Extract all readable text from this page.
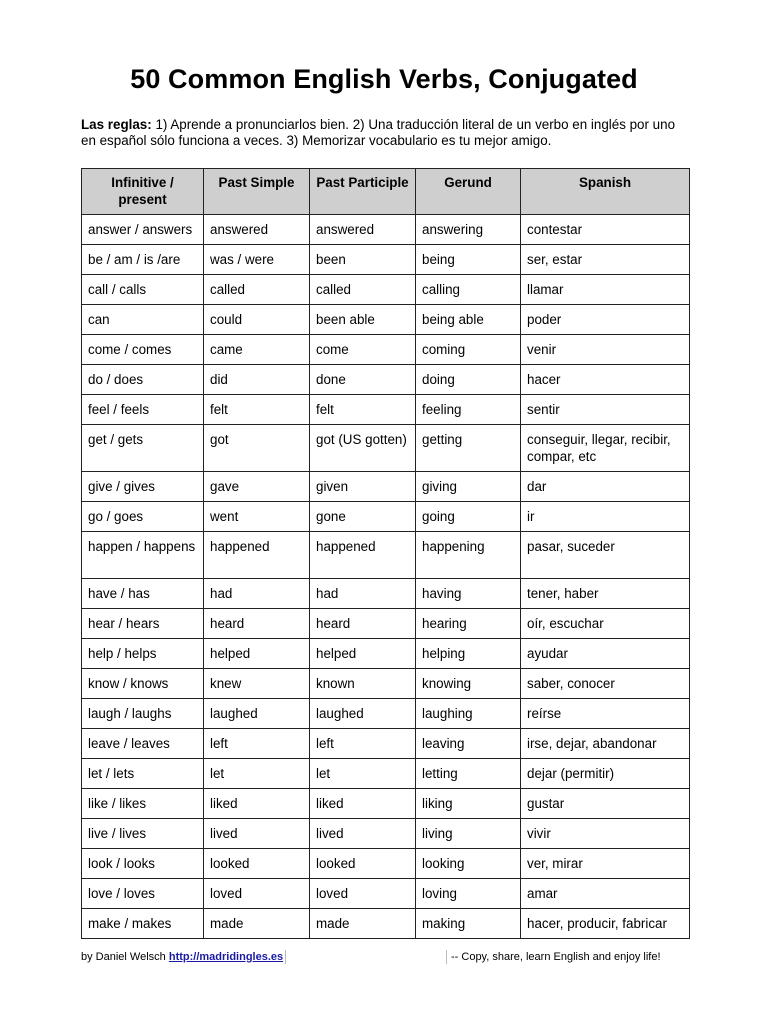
50 Common English Verbs, Conjugated
Las reglas: 1) Aprende a pronunciarlos bien. 2) Una traducción literal de un verbo en inglés por uno en español sólo funciona a veces. 3) Memorizar vocabulario es tu mejor amigo.
Infinitive / present	Past Simple	Past Participle	Gerund	Spanish
answer / answers	answered	answered	answering	contestar
be / am / is /are	was / were	been	being	ser, estar
call / calls	called	called	calling	llamar
can	could	been able	being able	poder
come / comes	came	come	coming	venir
do / does	did	done	doing	hacer
feel / feels	felt	felt	feeling	sentir
get / gets	got	got (US gotten)	getting	conseguir, llegar, recibir, compar, etc
give / gives	gave	given	giving	dar
go / goes	went	gone	going	ir
happen / happens	happened	happened	happening	pasar, suceder
have / has	had	had	having	tener, haber
hear / hears	heard	heard	hearing	oír, escuchar
help / helps	helped	helped	helping	ayudar
know / knows	knew	known	knowing	saber, conocer
laugh / laughs	laughed	laughed	laughing	reírse
leave / leaves	left	left	leaving	irse, dejar, abandonar
let / lets	let	let	letting	dejar (permitir)
like / likes	liked	liked	liking	gustar
live / lives	lived	lived	living	vivir
look / looks	looked	looked	looking	ver, mirar
love / loves	loved	loved	loving	amar
make / makes	made	made	making	hacer, producir, fabricar
by Daniel Welsch http://madridingles.es	-- Copy, share, learn English and enjoy life!
